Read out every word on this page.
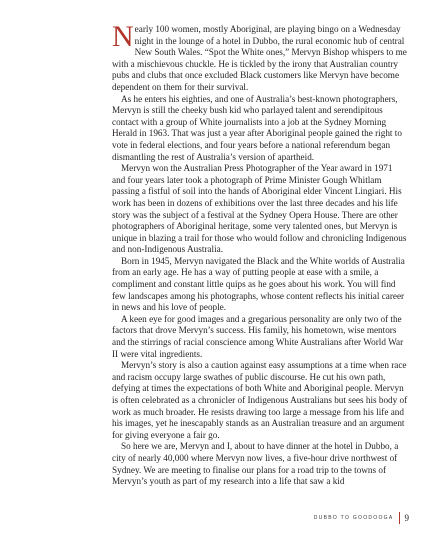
Nearly 100 women, mostly Aboriginal, are playing bingo on a Wednesday night in the lounge of a hotel in Dubbo, the rural economic hub of central New South Wales. “Spot the White ones,” Mervyn Bishop whispers to me with a mischievous chuckle. He is tickled by the irony that Australian country pubs and clubs that once excluded Black customers like Mervyn have become dependent on them for their survival.

As he enters his eighties, and one of Australia’s best-known photographers, Mervyn is still the cheeky bush kid who parlayed talent and serendipitous contact with a group of White journalists into a job at the Sydney Morning Herald in 1963. That was just a year after Aboriginal people gained the right to vote in federal elections, and four years before a national referendum began dismantling the rest of Australia’s version of apartheid.

Mervyn won the Australian Press Photographer of the Year award in 1971 and four years later took a photograph of Prime Minister Gough Whitlam passing a fistful of soil into the hands of Aboriginal elder Vincent Lingiari. His work has been in dozens of exhibitions over the last three decades and his life story was the subject of a festival at the Sydney Opera House. There are other photographers of Aboriginal heritage, some very talented ones, but Mervyn is unique in blazing a trail for those who would follow and chronicling Indigenous and non-Indigenous Australia.

Born in 1945, Mervyn navigated the Black and the White worlds of Australia from an early age. He has a way of putting people at ease with a smile, a compliment and constant little quips as he goes about his work. You will find few landscapes among his photographs, whose content reflects his initial career in news and his love of people.

A keen eye for good images and a gregarious personality are only two of the factors that drove Mervyn’s success. His family, his hometown, wise mentors and the stirrings of racial conscience among White Australians after World War II were vital ingredients.

Mervyn’s story is also a caution against easy assumptions at a time when race and racism occupy large swathes of public discourse. He cut his own path, defying at times the expectations of both White and Aboriginal people. Mervyn is often celebrated as a chronicler of Indigenous Australians but sees his body of work as much broader. He resists drawing too large a message from his life and his images, yet he inescapably stands as an Australian treasure and an argument for giving everyone a fair go.

So here we are, Mervyn and I, about to have dinner at the hotel in Dubbo, a city of nearly 40,000 where Mervyn now lives, a five-hour drive northwest of Sydney. We are meeting to finalise our plans for a road trip to the towns of Mervyn’s youth as part of my research into a life that saw a kid

DUBBO TO GOODOOGA 9
